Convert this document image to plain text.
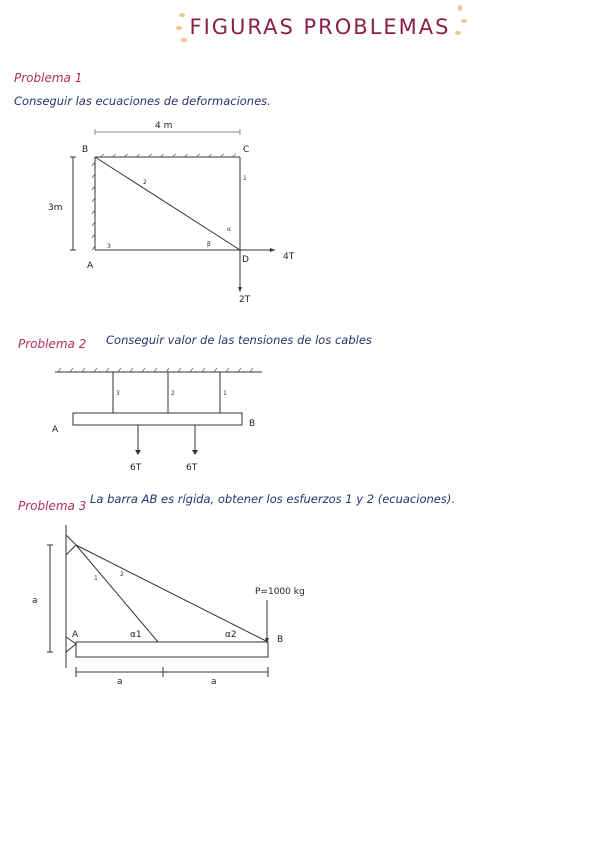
FIGURAS PROBLEMAS
Problema 1
Conseguir las ecuaciones de deformaciones.
4 m
3m
B	C
A
D
1
2
3
α
β
4T
2T
Problema 2 Conseguir valor de las tensiones de los cables
3	2	1
A
B
6T	6T
Problema 3 La barra AB es rígida, obtener los esfuerzos 1 y 2 (ecuaciones).
a
a	a
A	B
1
2
α1	α2
P=1000 kg
